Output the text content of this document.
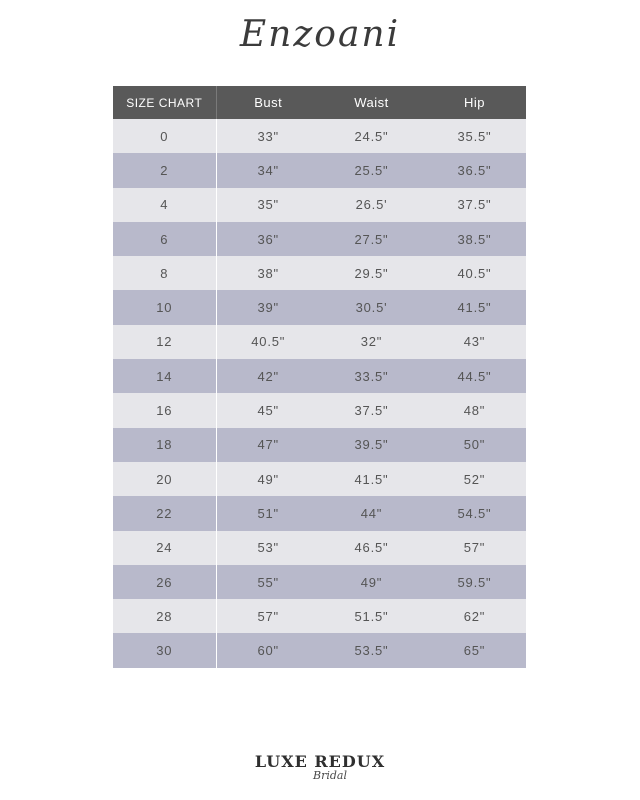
Enzoani
SIZE CHART	Bust	Waist	Hip
0	33"	24.5"	35.5"
2	34"	25.5"	36.5"
4	35"	26.5'	37.5"
6	36"	27.5"	38.5"
8	38"	29.5"	40.5"
10	39"	30.5'	41.5"
12	40.5"	32"	43"
14	42"	33.5"	44.5"
16	45"	37.5"	48"
18	47"	39.5"	50"
20	49"	41.5"	52"
22	51"	44"	54.5"
24	53"	46.5"	57"
26	55"	49"	59.5"
28	57"	51.5"	62"
30	60"	53.5"	65"
LUXE REDUX
Bridal
